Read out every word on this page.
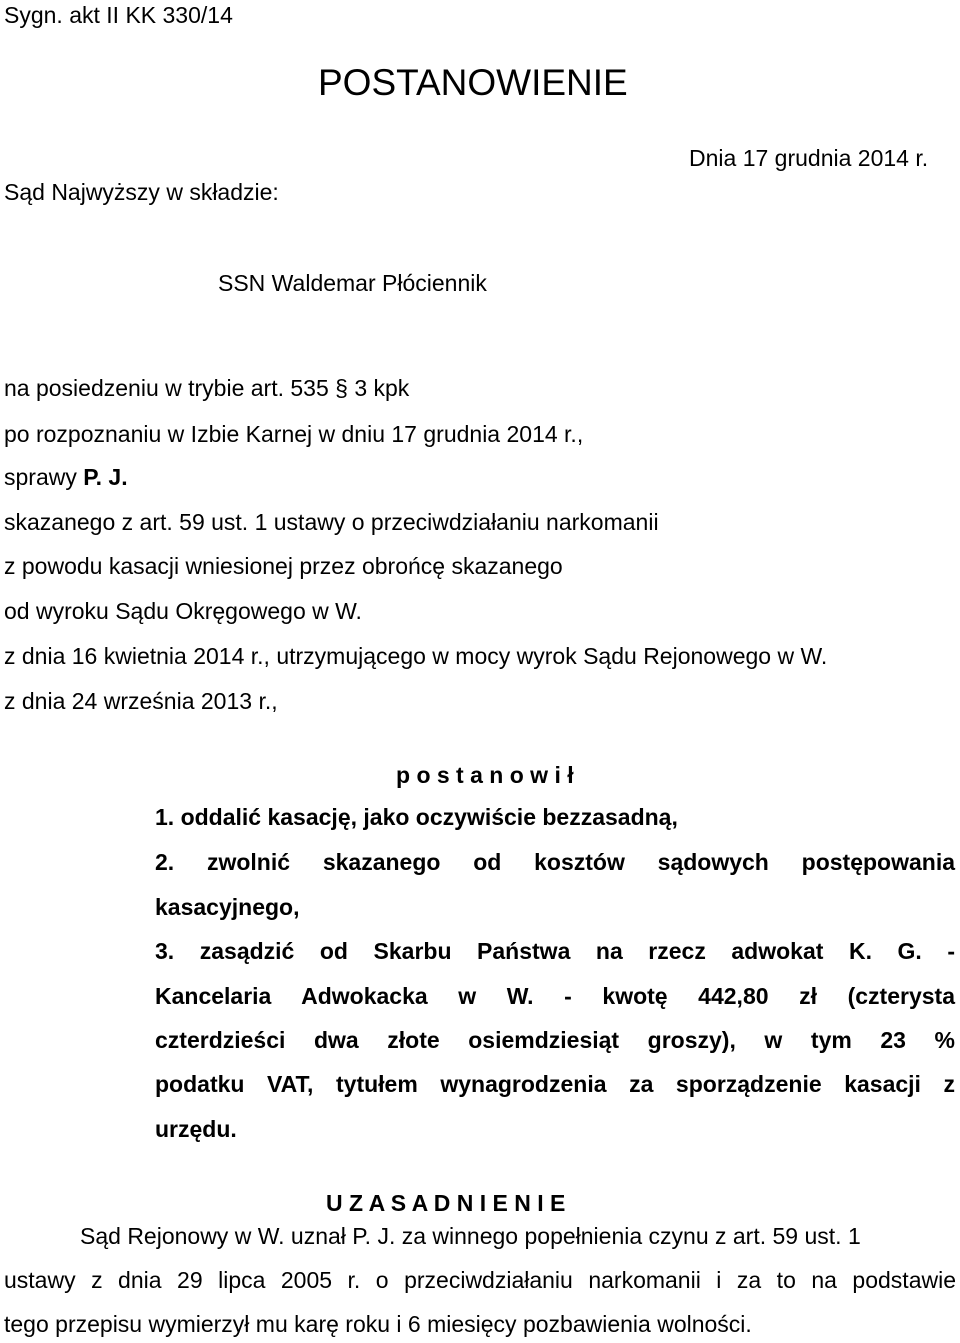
Sygn. akt II KK 330/14
POSTANOWIENIE
Dnia 17 grudnia 2014 r.
Sąd Najwyższy w składzie:
SSN Waldemar Płóciennik
na posiedzeniu w trybie art. 535 § 3 kpk
po rozpoznaniu w Izbie Karnej w dniu 17 grudnia 2014 r.,
sprawy P. J.
skazanego z art. 59 ust. 1 ustawy o przeciwdziałaniu narkomanii
z powodu kasacji wniesionej przez obrońcę skazanego
od wyroku Sądu Okręgowego w W.
z dnia 16 kwietnia 2014 r., utrzymującego w mocy wyrok Sądu Rejonowego w W.
z dnia 24 września 2013 r.,
p o s t a n o w i ł
1. oddalić kasację, jako oczywiście bezzasadną,
2. zwolnić skazanego od kosztów sądowych postępowania
kasacyjnego,
3. zasądzić od Skarbu Państwa na rzecz adwokat K. G. -
Kancelaria Adwokacka w W. - kwotę 442,80 zł (czterysta
czterdzieści dwa złote osiemdziesiąt groszy), w tym 23 %
podatku VAT, tytułem wynagrodzenia za sporządzenie kasacji z
urzędu.
U Z A S A D N I E N I E
Sąd Rejonowy w W. uznał P. J. za winnego popełnienia czynu z art. 59 ust. 1
ustawy z dnia 29 lipca 2005 r. o przeciwdziałaniu narkomanii i za to na podstawie
tego przepisu wymierzył mu karę roku i 6 miesięcy pozbawienia wolności.
